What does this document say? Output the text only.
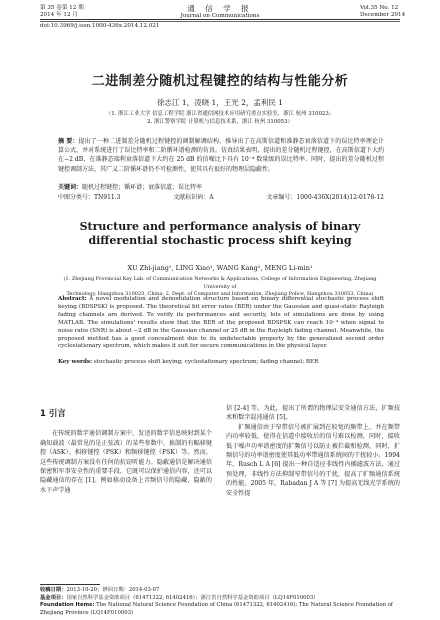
第 35 卷第 12 期
2014 年 12 月
通 信 学 报
Journal on Communications
Vol.35 No. 12
December 2014
doi:10.3969/j.issn.1000-436x.2014.12.021
二进制差分随机过程键控的结构与性能分析
徐志江 1，凌晓 1，王光 2，孟利民 1
（1. 浙江工业大学 信息工程学院 浙江省通信网技术应用研究重点实验室，浙江 杭州 310023；
2. 浙江警察学院 计算机与信息技术系，浙江 杭州 310053）
摘 要：提出了一种二进制差分随机过程键控的调制解调结构，推导出了在高斯信道和准静态衰落信道下的误比特率理论计算公式，并对系统进行了误比特率和二阶循环谱检测的仿真。仿真结果表明，提出的差分随机过程键控，在高斯信道下大约在−2 dB，在准静态瑞利衰落信道下大约在 25 dB 的信噪比下具有 10⁻⁴ 数量级的误比特率。同时，提出的差分随机过程键控调制方法，其广义二阶循环谱仍不可检测性，使其具有很好的物理层隐蔽性。
关键词：随机过程键控；循环谱；衰落信道；误比特率
中图分类号：TN911.3	文献标识码：A	文章编号：1000-436X(2014)12-0178-12
Structure and performance analysis of binary
differential stochastic process shift keying
XU Zhi-jiang¹, LING Xiao¹, WANG Kang², MENG Li-min¹
(1. Zhejiang Provincial Key Lab. of Communication Networks & Applications, College of Information Engineering, Zhejiang University of
Technology, Hangzhou 310023, China; 2. Dept. of Computer and Information, Zhejiang Police, Hangzhou 310053, China)
Abstract: A novel modulation and demodulation structure based on binary differential stochastic process shift keying (BDSPSK) is proposed. The theoretical bit error rates (BER) under the Gaussian and quasi-static Rayleigh fading channels are derived. To verify its performances and security, lots of simulations are done by using MATLAB. The simulations' results show that the BER of the proposed BDSPSK can reach 10⁻⁴ when signal to noise ratio (SNR) is about −2 dB in the Gaussian channel or 25 dB in the Rayleigh fading channel. Meanwhile, the proposed method has a good concealment due to its undetectable property by the generalized second order cyclostationary spectrum, which makes it suit for secure communications in the physical layer.
Key words: stochastic process shift keying; cyclostationary spectrum; fading channel; BER
1 引言

在传统的数字通信调制方案中，发送的数字信息映射到某个确知载波（最常见的是正弦波）的某些参数中，换制的有幅移键控（ASK）、相移键控（PSK）和频移键控（FSK）等。然而，这些传统调制方案没有任何的抗窃听能力。隐蔽通信是解决通信保密和军事安全性的重要手段，它既可以保护通信内容，还可以隐藏通信的存在 [1]。例如移动设备上音频信号的隐藏，隐蔽的水下声学通

信 [2-4] 等。为此，提出了所谓的物理层安全通信方法，扩频技术和数字混沌通信 [5]。

扩频通信由于窄带信号被扩展到在较宽的频带上，并在频带内功率较低，使得在信道中接收后的信号难以检测，同时，接收低于噪声功率谱密度的扩频信号以防止被拦截和检测，同时，扩频信号的功率谱密度使其低功率带通信系统间的干扰较小。1994 年，Rusch L A [6] 提出一种自适应非线性内插滤波方法，通过预处理，非线性方法抑制窄带信号的干扰，提高了扩频通信系统的性能。2005 年，Rabadan J A 等 [7] 为提高无线光学系统的安全性提

收稿日期：2013-10-20；修回日期：2014-03-07
基金项目：国家自然科学基金资助项目（61471322, 61402416）；浙江省自然科学基金资助项目（LQ14F010003）
Foundation Items: The National Natural Science Foundation of China (61471322, 61402416); The Natural Science Foundation of Zhejiang Province (LQ14F010003)
